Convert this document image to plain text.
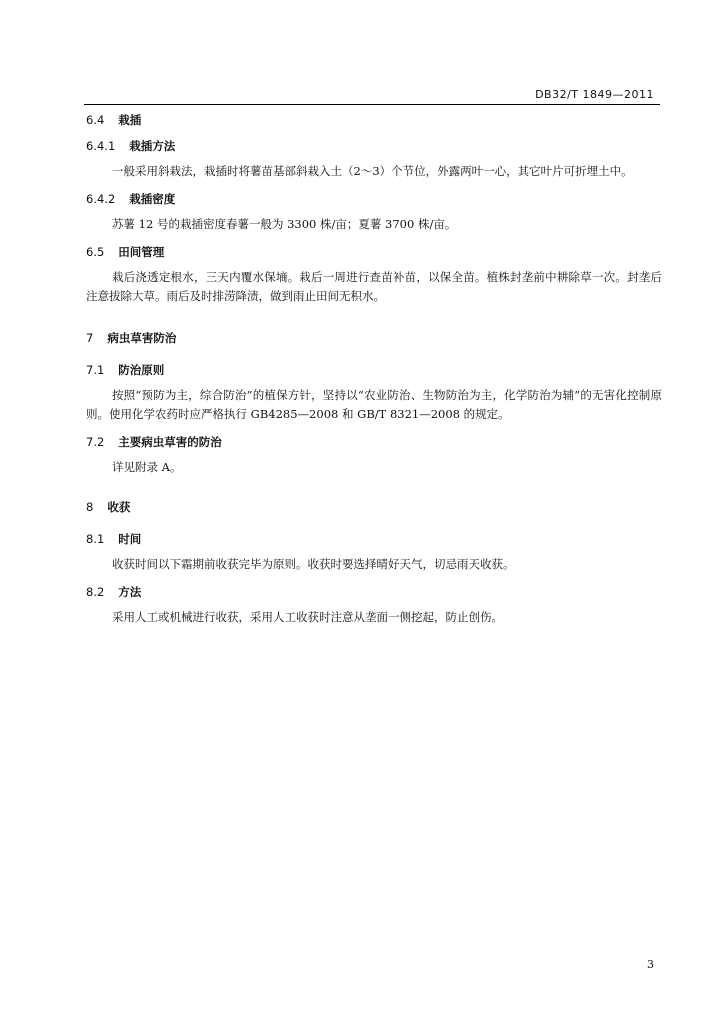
DB32/T 1849—2011
6.4 栽插
6.4.1 栽插方法
一般采用斜栽法，栽插时将薯苗基部斜栽入土（2～3）个节位，外露两叶一心，其它叶片可折埋土中。
6.4.2 栽插密度
苏薯 12 号的栽插密度春薯一般为 3300 株/亩；夏薯 3700 株/亩。
6.5 田间管理
栽后浇透定根水，三天内覆水保墒。栽后一周进行查苗补苗，以保全苗。植株封垄前中耕除草一次。封垄后注意拔除大草。雨后及时排涝降渍，做到雨止田间无积水。
7 病虫草害防治
7.1 防治原则
按照“预防为主，综合防治”的植保方针，坚持以“农业防治、生物防治为主，化学防治为辅”的无害化控制原则。使用化学农药时应严格执行 GB4285—2008 和 GB/T 8321—2008 的规定。
7.2 主要病虫草害的防治
详见附录 A。
8 收获
8.1 时间
收获时间以下霜期前收获完毕为原则。收获时要选择晴好天气，切忌雨天收获。
8.2 方法
采用人工或机械进行收获，采用人工收获时注意从垄面一侧挖起，防止创伤。
3
